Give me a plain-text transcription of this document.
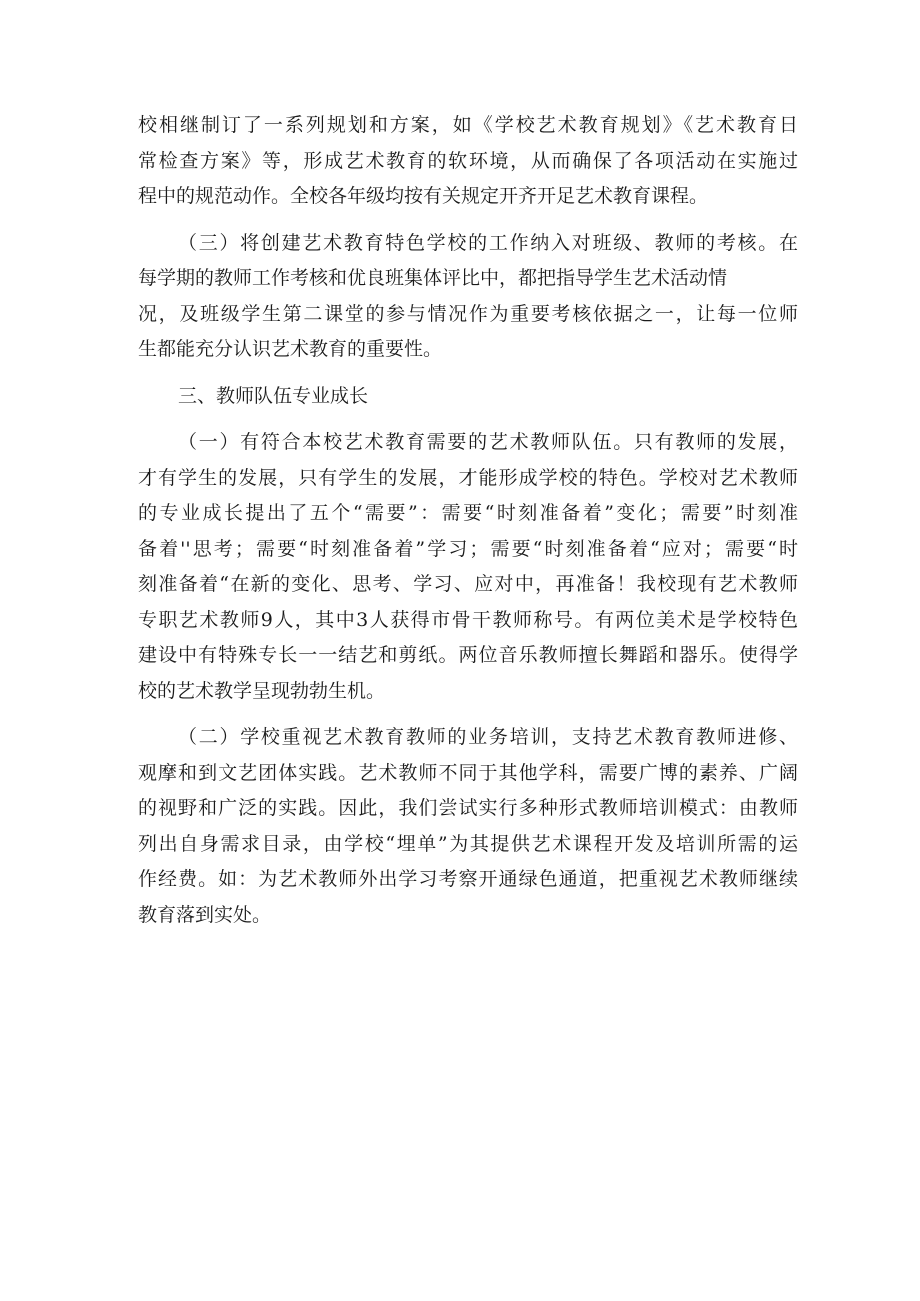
校相继制订了一系列规划和方案，如《学校艺术教育规划》《艺术教育日
常检查方案》等，形成艺术教育的软环境，从而确保了各项活动在实施过
程中的规范动作。全校各年级均按有关规定开齐开足艺术教育课程。
（三）将创建艺术教育特色学校的工作纳入对班级、教师的考核。在
每学期的教师工作考核和优良班集体评比中，都把指导学生艺术活动情
况，及班级学生第二课堂的参与情况作为重要考核依据之一，让每一位师
生都能充分认识艺术教育的重要性。
三、教师队伍专业成长
（一）有符合本校艺术教育需要的艺术教师队伍。只有教师的发展，
才有学生的发展，只有学生的发展，才能形成学校的特色。学校对艺术教师
的专业成长提出了五个“需要”：需要“时刻准备着”变化；需要”时刻准
备着''思考；需要“时刻准备着”学习；需要“时刻准备着“应对；需要“时
刻准备着“在新的变化、思考、学习、应对中，再准备！我校现有艺术教师
专职艺术教师9人，其中3人获得市骨干教师称号。有两位美术是学校特色
建设中有特殊专长一一结艺和剪纸。两位音乐教师擅长舞蹈和器乐。使得学
校的艺术教学呈现勃勃生机。
（二）学校重视艺术教育教师的业务培训，支持艺术教育教师进修、
观摩和到文艺团体实践。艺术教师不同于其他学科，需要广博的素养、广阔
的视野和广泛的实践。因此，我们尝试实行多种形式教师培训模式：由教师
列出自身需求目录，由学校“埋单”为其提供艺术课程开发及培训所需的运
作经费。如：为艺术教师外出学习考察开通绿色通道，把重视艺术教师继续
教育落到实处。
